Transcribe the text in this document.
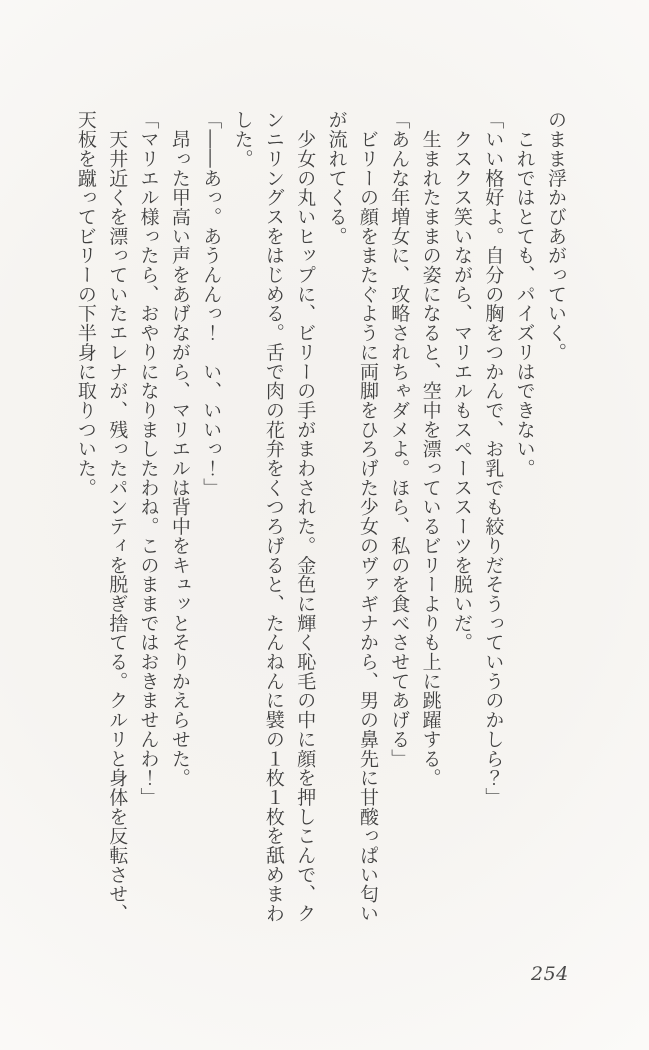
のまま浮かびあがっていく。

　これではとても、パイズリはできない。

「いい格好よ。自分の胸をつかんで、お乳でも絞りだそうっていうのかしら？」

　クスクス笑いながら、マリエルもスペーススーツを脱いだ。

　生まれたままの姿になると、空中を漂っているビリーよりも上に跳躍する。

「あんな年増女に、攻略されちゃダメよ。ほら、私のを食べさせてあげる」

　ビリーの顔をまたぐように両脚をひろげた少女のヴァギナから、男の鼻先に甘酸っぱい匂いが流れてくる。

　少女の丸いヒップに、ビリーの手がまわされた。金色に輝く恥毛の中に顔を押しこんで、クンニリングスをはじめる。舌で肉の花弁をくつろげると、たんねんに襞の１枚１枚を舐めまわした。

「――あっ。あうんんっ！　い、いいっ！」

　昂った甲高い声をあげながら、マリエルは背中をキュッとそりかえらせた。

「マリエル様ったら、おやりになりましたわね。このままではおきませんわ！」

　天井近くを漂っていたエレナが、残ったパンティを脱ぎ捨てる。クルリと身体を反転させ、天板を蹴ってビリーの下半身に取りついた。

254
